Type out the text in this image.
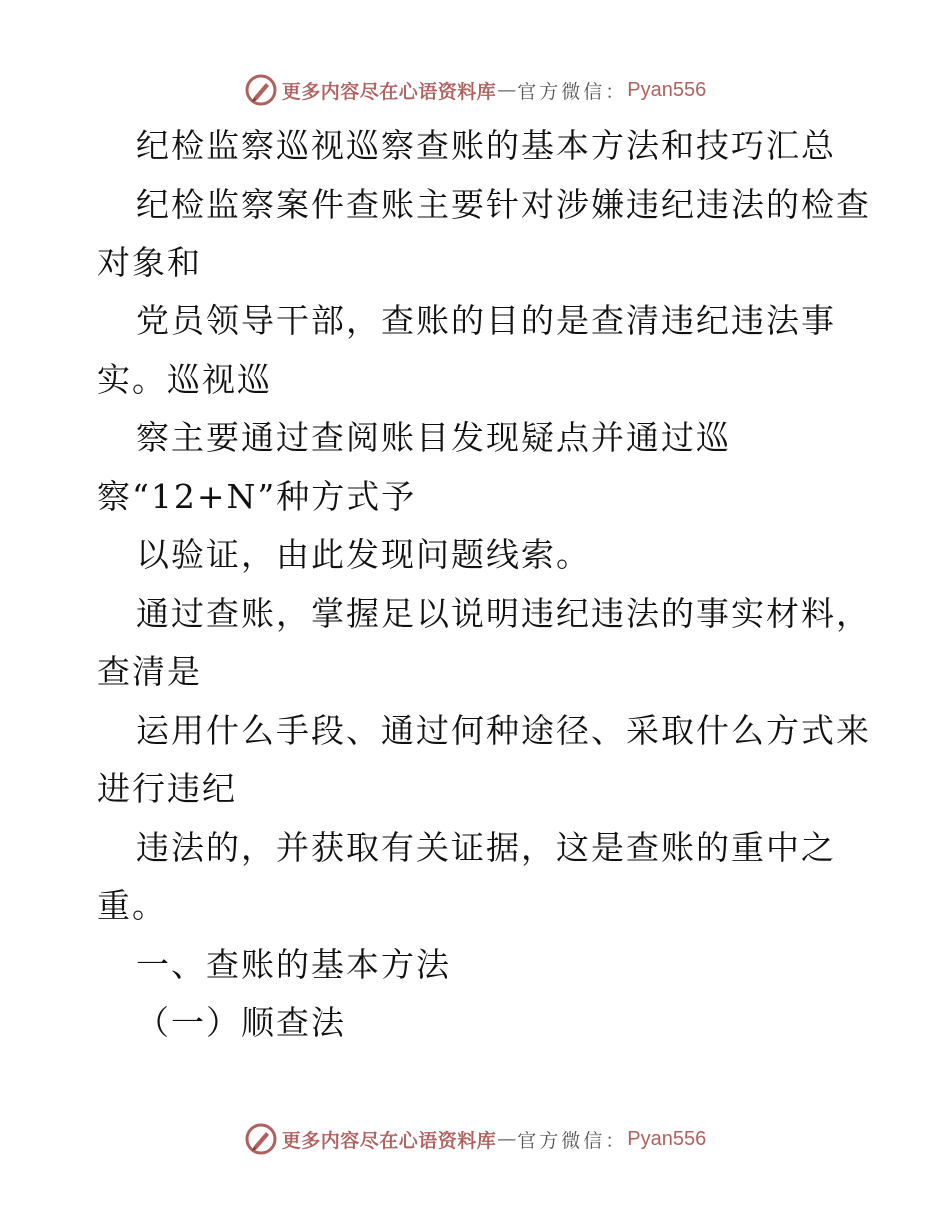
更多内容尽在心语资料库 — 官方微信： Pyan556
纪检监察巡视巡察查账的基本方法和技巧汇总
纪检监察案件查账主要针对涉嫌违纪违法的检查
对象和
党员领导干部，查账的目的是查清违纪违法事
实。巡视巡
察主要通过查阅账目发现疑点并通过巡
察“12+N”种方式予
以验证，由此发现问题线索。
通过查账，掌握足以说明违纪违法的事实材料，
查清是
运用什么手段、通过何种途径、采取什么方式来
进行违纪
违法的，并获取有关证据，这是查账的重中之
重。
一、查账的基本方法
（一）顺查法
更多内容尽在心语资料库 — 官方微信： Pyan556
